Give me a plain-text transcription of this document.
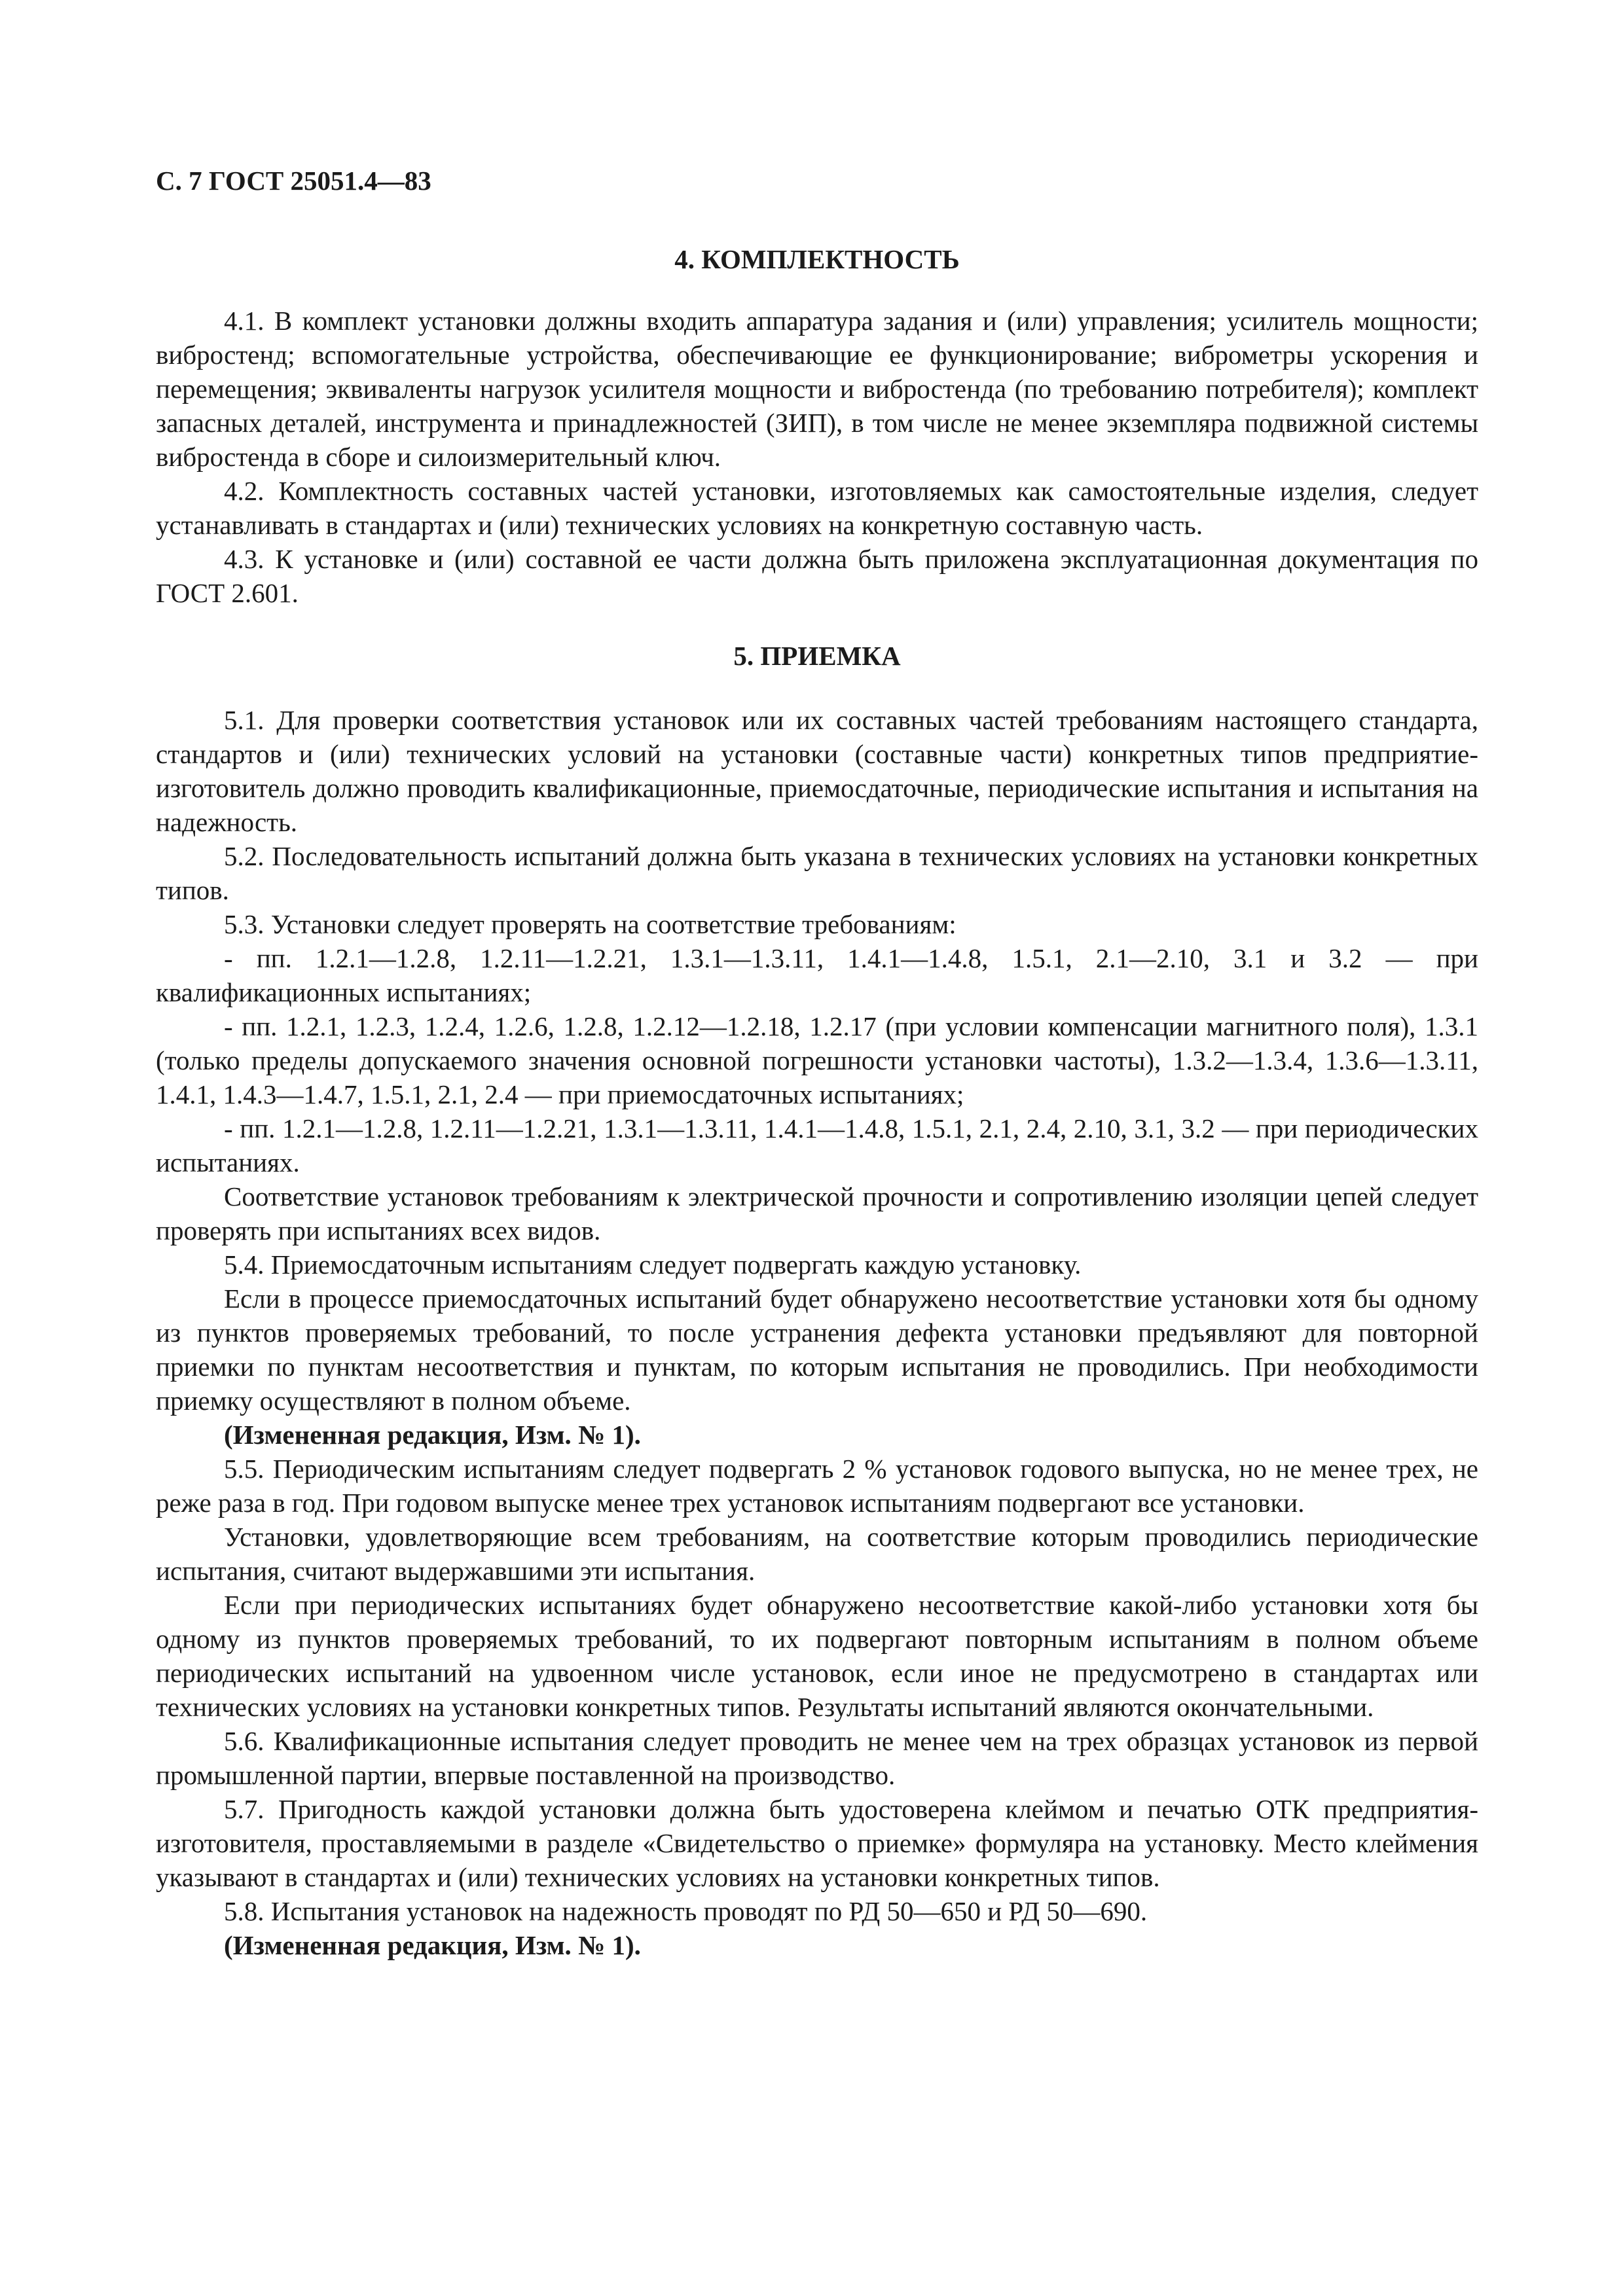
С. 7 ГОСТ 25051.4—83
4. КОМПЛЕКТНОСТЬ

4.1. В комплект установки должны входить аппаратура задания и (или) управления; усилитель мощности; вибростенд; вспомогательные устройства, обеспечивающие ее функционирование; виброметры ускорения и перемещения; эквиваленты нагрузок усилителя мощности и вибростенда (по требованию потребителя); комплект запасных деталей, инструмента и принадлежностей (ЗИП), в том числе не менее экземпляра подвижной системы вибростенда в сборе и силоизмерительный ключ.

4.2. Комплектность составных частей установки, изготовляемых как самостоятельные изделия, следует устанавливать в стандартах и (или) технических условиях на конкретную составную часть.

4.3. К установке и (или) составной ее части должна быть приложена эксплуатационная документация по ГОСТ 2.601.

5. ПРИЕМКА

5.1. Для проверки соответствия установок или их составных частей требованиям настоящего стандарта, стандартов и (или) технических условий на установки (составные части) конкретных типов предприятие-изготовитель должно проводить квалификационные, приемосдаточные, периодические испытания и испытания на надежность.

5.2. Последовательность испытаний должна быть указана в технических условиях на установки конкретных типов.

5.3. Установки следует проверять на соответствие требованиям:

- пп. 1.2.1—1.2.8, 1.2.11—1.2.21, 1.3.1—1.3.11, 1.4.1—1.4.8, 1.5.1, 2.1—2.10, 3.1 и 3.2 — при квалификационных испытаниях;

- пп. 1.2.1, 1.2.3, 1.2.4, 1.2.6, 1.2.8, 1.2.12—1.2.18, 1.2.17 (при условии компенсации магнитного поля), 1.3.1 (только пределы допускаемого значения основной погрешности установки частоты), 1.3.2—1.3.4, 1.3.6—1.3.11, 1.4.1, 1.4.3—1.4.7, 1.5.1, 2.1, 2.4 — при приемосдаточных испытаниях;

- пп. 1.2.1—1.2.8, 1.2.11—1.2.21, 1.3.1—1.3.11, 1.4.1—1.4.8, 1.5.1, 2.1, 2.4, 2.10, 3.1, 3.2 — при периодических испытаниях.

Соответствие установок требованиям к электрической прочности и сопротивлению изоляции цепей следует проверять при испытаниях всех видов.

5.4. Приемосдаточным испытаниям следует подвергать каждую установку.

Если в процессе приемосдаточных испытаний будет обнаружено несоответствие установки хотя бы одному из пунктов проверяемых требований, то после устранения дефекта установки предъявляют для повторной приемки по пунктам несоответствия и пунктам, по которым испытания не проводились. При необходимости приемку осуществляют в полном объеме.

(Измененная редакция, Изм. № 1).

5.5. Периодическим испытаниям следует подвергать 2 % установок годового выпуска, но не менее трех, не реже раза в год. При годовом выпуске менее трех установок испытаниям подвергают все установки.

Установки, удовлетворяющие всем требованиям, на соответствие которым проводились периодические испытания, считают выдержавшими эти испытания.

Если при периодических испытаниях будет обнаружено несоответствие какой-либо установки хотя бы одному из пунктов проверяемых требований, то их подвергают повторным испытаниям в полном объеме периодических испытаний на удвоенном числе установок, если иное не предусмотрено в стандартах или технических условиях на установки конкретных типов. Результаты испытаний являются окончательными.

5.6. Квалификационные испытания следует проводить не менее чем на трех образцах установок из первой промышленной партии, впервые поставленной на производство.

5.7. Пригодность каждой установки должна быть удостоверена клеймом и печатью ОТК предприятия-изготовителя, проставляемыми в разделе «Свидетельство о приемке» формуляра на установку. Место клеймения указывают в стандартах и (или) технических условиях на установки конкретных типов.

5.8. Испытания установок на надежность проводят по РД 50—650 и РД 50—690.

(Измененная редакция, Изм. № 1).
